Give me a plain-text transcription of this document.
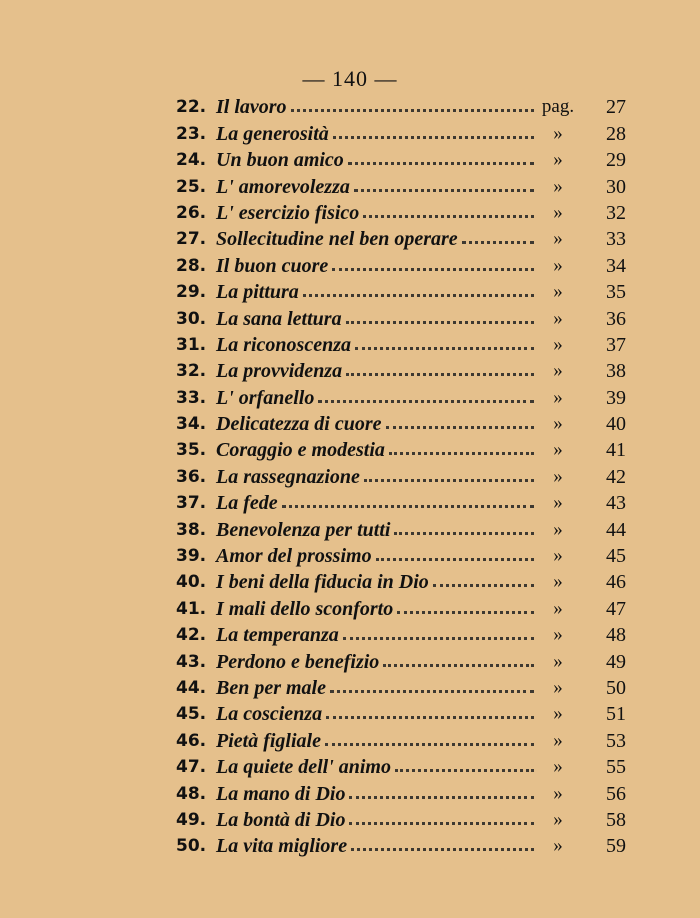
— 140 —
22. Il lavoro	pag.	27
23. La generosità	»	28
24. Un buon amico	»	29
25. L' amorevolezza	»	30
26. L' esercizio fisico	»	32
27. Sollecitudine nel ben operare	»	33
28. Il buon cuore	»	34
29. La pittura	»	35
30. La sana lettura	»	36
31. La riconoscenza	»	37
32. La provvidenza	»	38
33. L' orfanello	»	39
34. Delicatezza di cuore	»	40
35. Coraggio e modestia	»	41
36. La rassegnazione	»	42
37. La fede	»	43
38. Benevolenza per tutti	»	44
39. Amor del prossimo	»	45
40. I beni della fiducia in Dio	»	46
41. I mali dello sconforto	»	47
42. La temperanza	»	48
43. Perdono e benefizio	»	49
44. Ben per male	»	50
45. La coscienza	»	51
46. Pietà figliale	»	53
47. La quiete dell' animo	»	55
48. La mano di Dio	»	56
49. La bontà di Dio	»	58
50. La vita migliore	»	59
